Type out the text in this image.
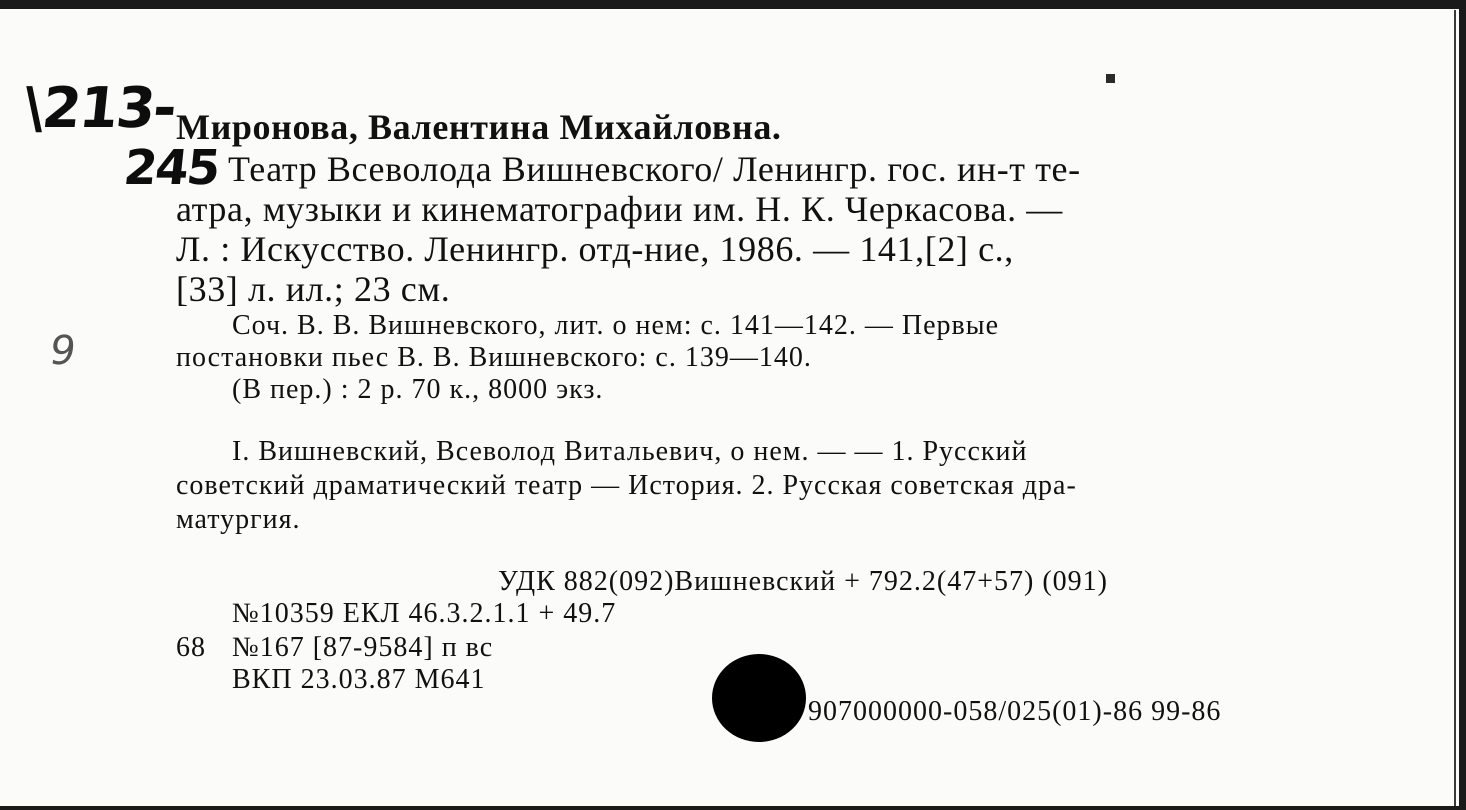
\213-
245
9
Миронова, Валентина Михайловна.
Театр Всеволода Вишневского/ Ленингр. гос. ин-т те-
атра, музыки и кинематографии им. Н. К. Черкасова. —
Л. : Искусство. Ленингр. отд-ние, 1986. — 141,[2] с.,
[33] л. ил.; 23 см.
Соч. В. В. Вишневского, лит. о нем: с. 141—142. — Первые
постановки пьес В. В. Вишневского: с. 139—140.
(В пер.) : 2 р. 70 к., 8000 экз.
I. Вишневский, Всеволод Витальевич, о нем. — — 1. Русский
советский драматический театр — История. 2. Русская советская дра-
матургия.
УДК 882(092)Вишневский + 792.2(47+57) (091)
№10359 ЕКЛ 46.3.2.1.1 + 49.7
68 №167 [87-9584] п вс
ВКП 23.03.87 М641
907000000-058/025(01)-86 99-86
